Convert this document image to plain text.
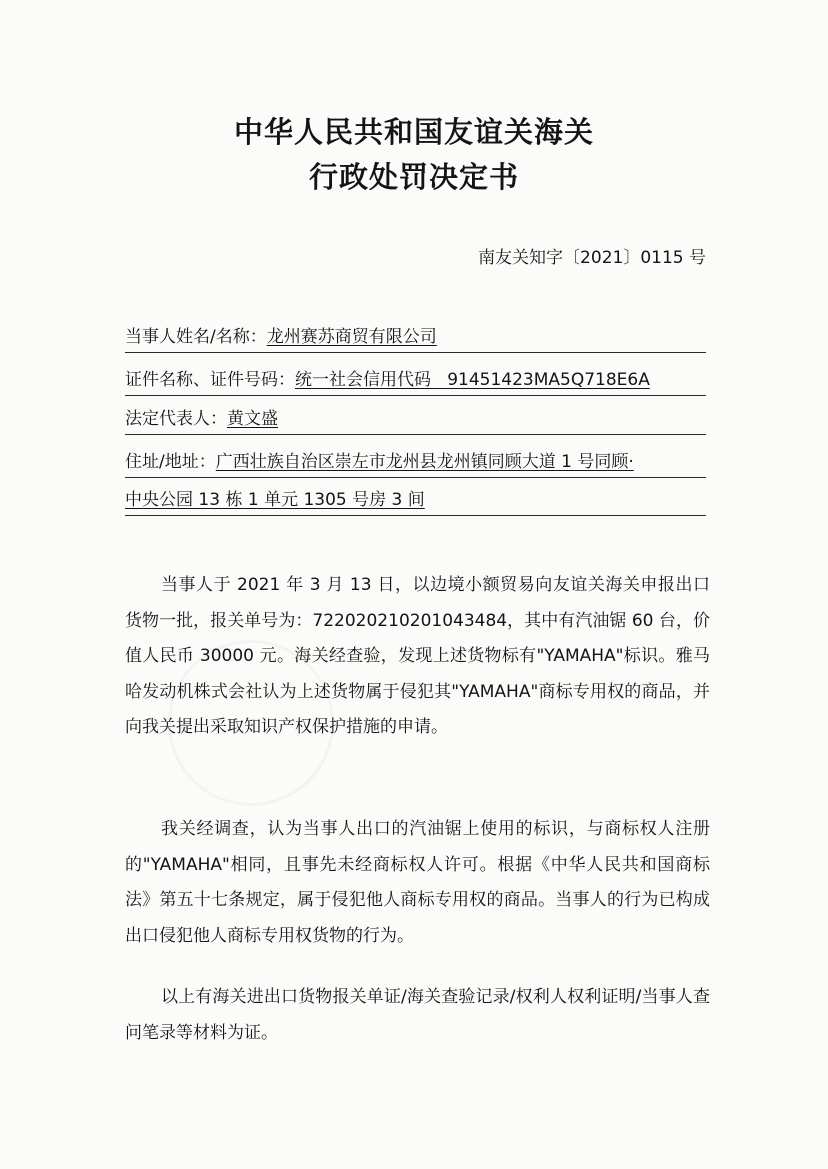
中华人民共和国友谊关海关
行政处罚决定书
南友关知字〔2021〕0115 号
当事人姓名/名称：龙州赛苏商贸有限公司
证件名称、证件号码：统一社会信用代码   91451423MA5Q718E6A
法定代表人：黄文盛
住址/地址：广西壮族自治区崇左市龙州县龙州镇同顾大道 1 号同顾·
中央公园 13 栋 1 单元 1305 号房 3 间

当事人于 2021 年 3 月 13 日，以边境小额贸易向友谊关海关申报出口货物一批，报关单号为：722020210201043484，其中有汽油锯 60 台，价值人民币 30000 元。海关经查验，发现上述货物标有"YAMAHA"标识。雅马哈发动机株式会社认为上述货物属于侵犯其"YAMAHA"商标专用权的商品，并向我关提出采取知识产权保护措施的申请。

我关经调查，认为当事人出口的汽油锯上使用的标识，与商标权人注册的"YAMAHA"相同，且事先未经商标权人许可。根据《中华人民共和国商标法》第五十七条规定，属于侵犯他人商标专用权的商品。当事人的行为已构成出口侵犯他人商标专用权货物的行为。

以上有海关进出口货物报关单证/海关查验记录/权利人权利证明/当事人查问笔录等材料为证。
